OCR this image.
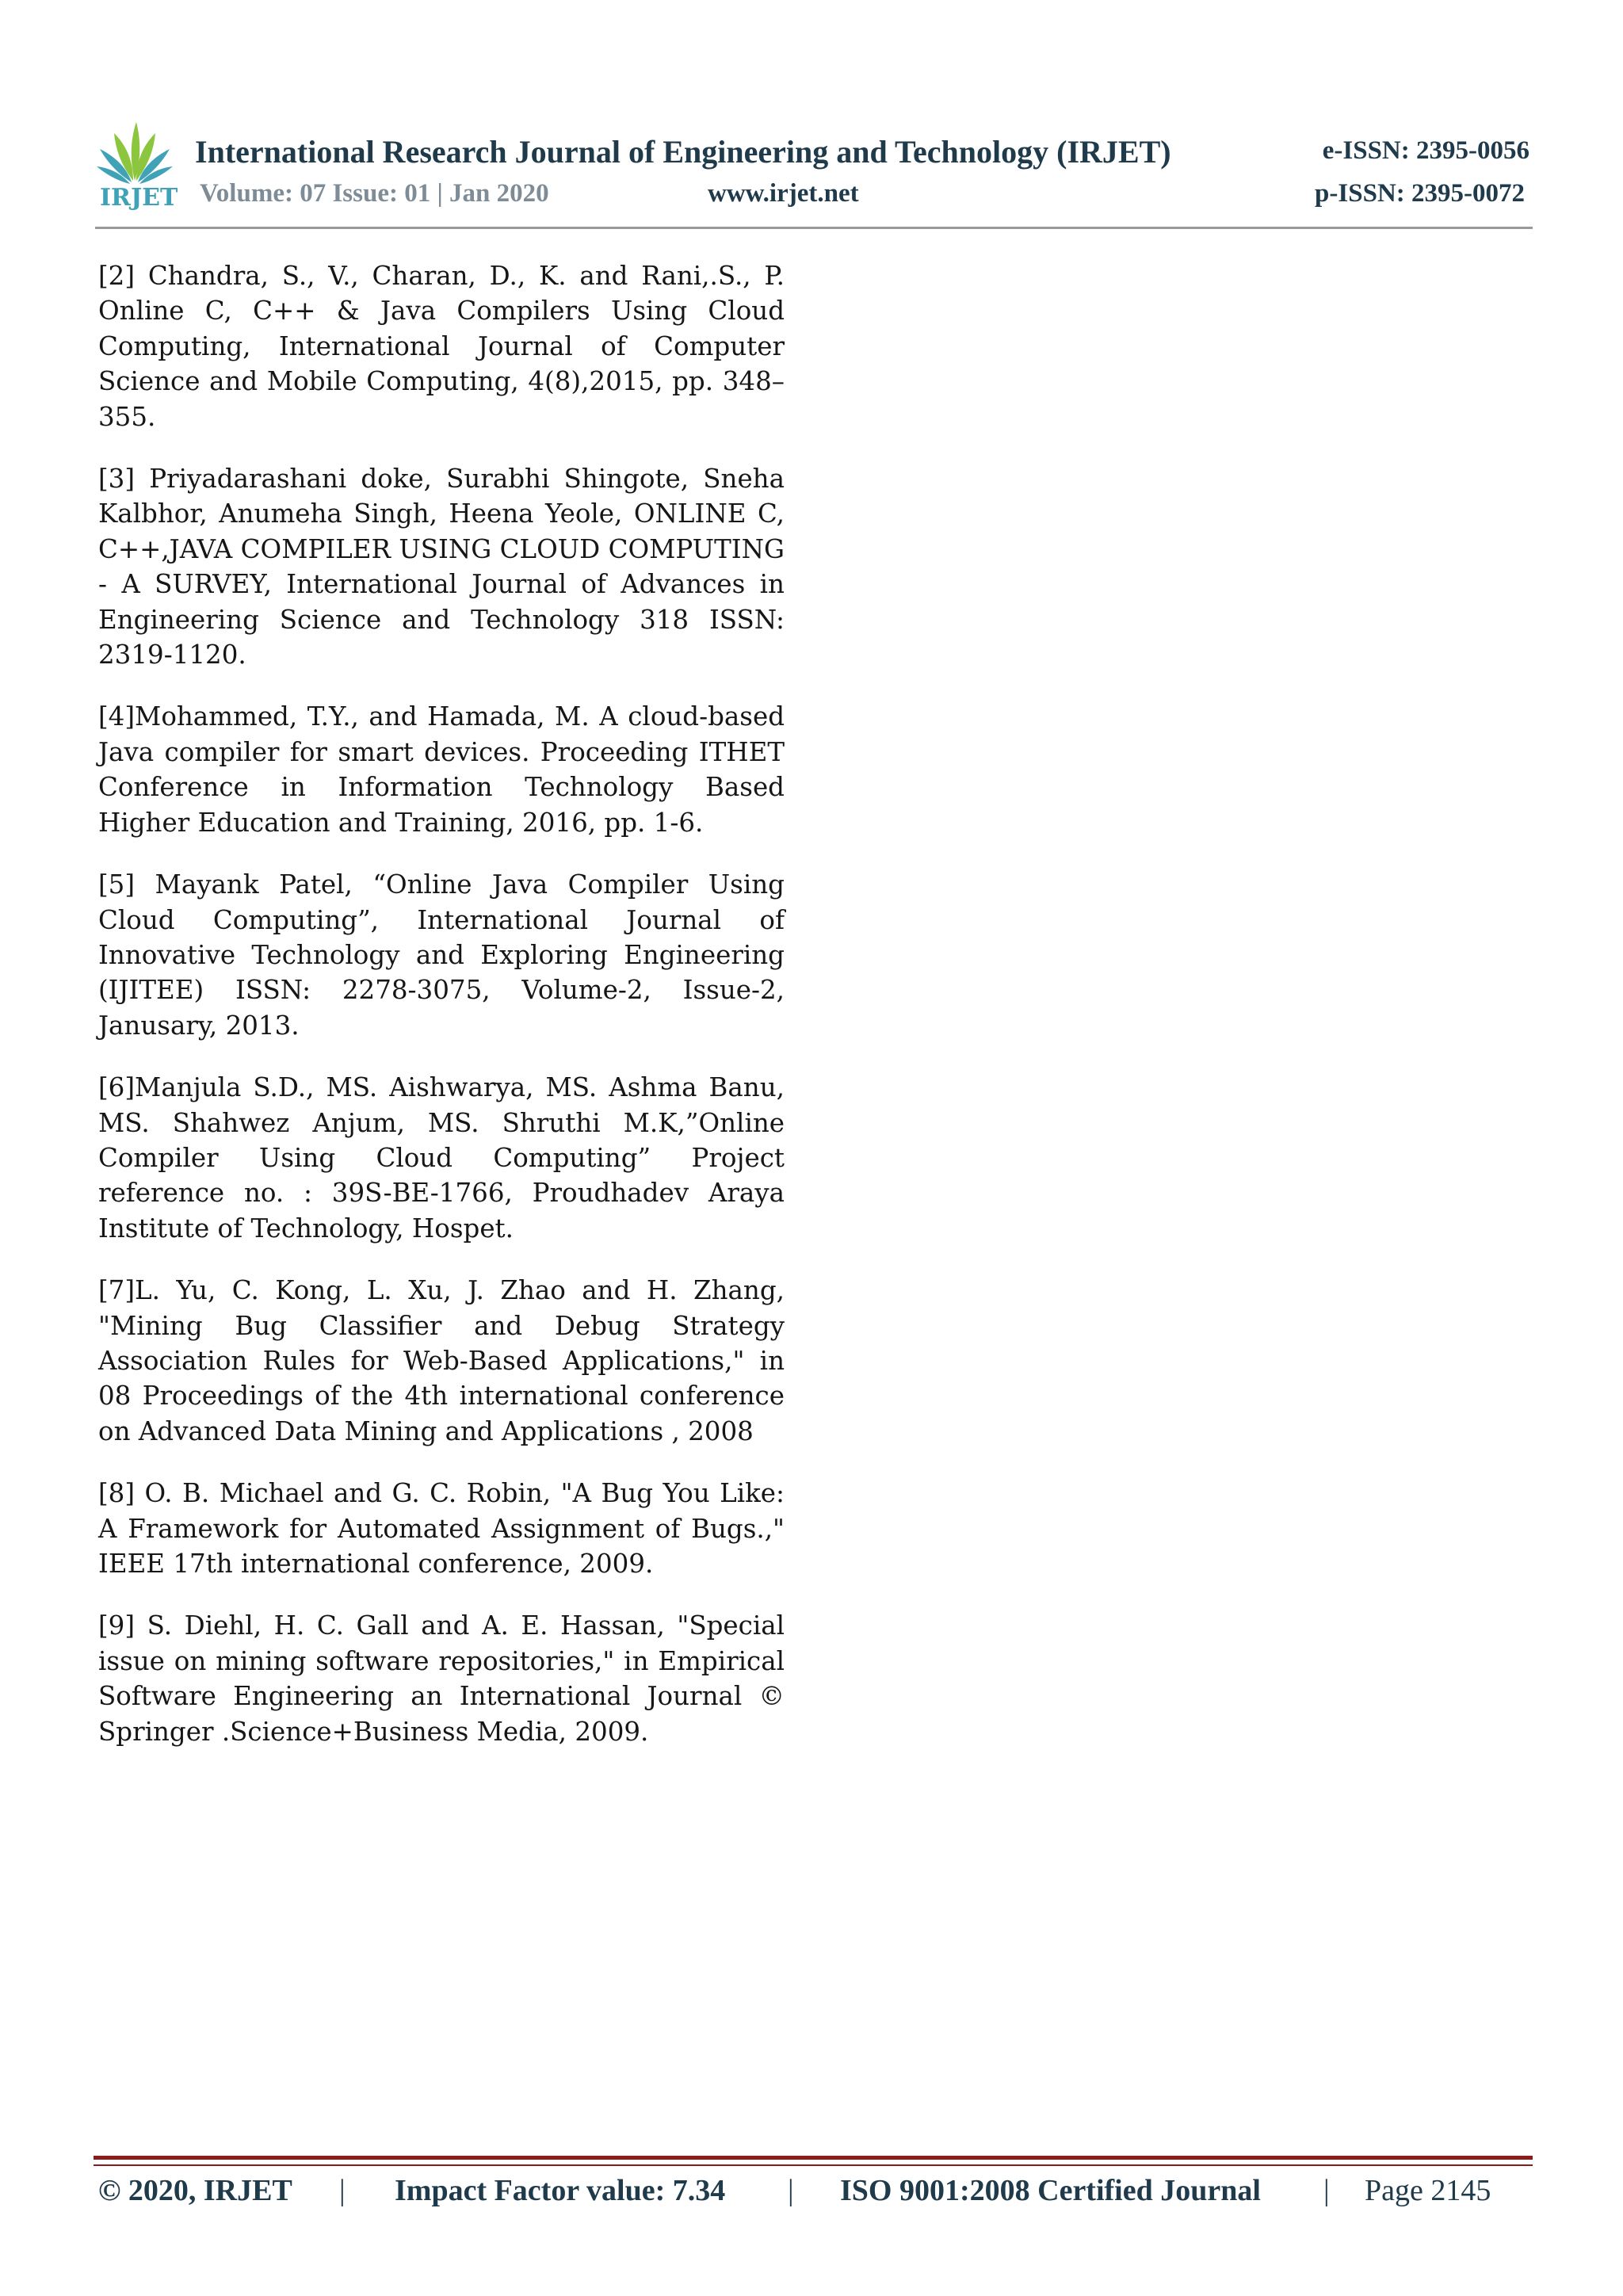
IRJET
International Research Journal of Engineering and Technology (IRJET)	e-ISSN: 2395-0056
Volume: 07 Issue: 01 | Jan 2020	www.irjet.net	p-ISSN: 2395-0072

[2] Chandra, S., V., Charan, D., K. and Rani,.S., P. Online C, C++ & Java Compilers Using Cloud Computing, International Journal of Computer Science and Mobile Computing, 4(8),2015, pp. 348–355.

[3] Priyadarashani doke, Surabhi Shingote, Sneha Kalbhor, Anumeha Singh, Heena Yeole, ONLINE C, C++,JAVA COMPILER USING CLOUD COMPUTING - A SURVEY, International Journal of Advances in Engineering Science and Technology 318 ISSN: 2319-1120.

[4]Mohammed, T.Y., and Hamada, M. A cloud-based Java compiler for smart devices. Proceeding ITHET Conference in Information Technology Based Higher Education and Training, 2016, pp. 1-6.

[5] Mayank Patel, “Online Java Compiler Using Cloud Computing”, International Journal of Innovative Technology and Exploring Engineering (IJITEE) ISSN: 2278-3075, Volume-2, Issue-2, Janusary, 2013.

[6]Manjula S.D., MS. Aishwarya, MS. Ashma Banu, MS. Shahwez Anjum, MS. Shruthi M.K,”Online Compiler Using Cloud Computing” Project reference no. : 39S-BE-1766, Proudhadev Araya Institute of Technology, Hospet.

[7]L. Yu, C. Kong, L. Xu, J. Zhao and H. Zhang, "Mining Bug Classifier and Debug Strategy Association Rules for Web-Based Applications," in 08 Proceedings of the 4th international conference on Advanced Data Mining and Applications , 2008

[8] O. B. Michael and G. C. Robin, "A Bug You Like: A Framework for Automated Assignment of Bugs.," IEEE 17th international conference, 2009.

[9] S. Diehl, H. C. Gall and A. E. Hassan, "Special issue on mining software repositories," in Empirical Software Engineering an International Journal © Springer .Science+Business Media, 2009.

© 2020, IRJET | Impact Factor value: 7.34 | ISO 9001:2008 Certified Journal | Page 2145
